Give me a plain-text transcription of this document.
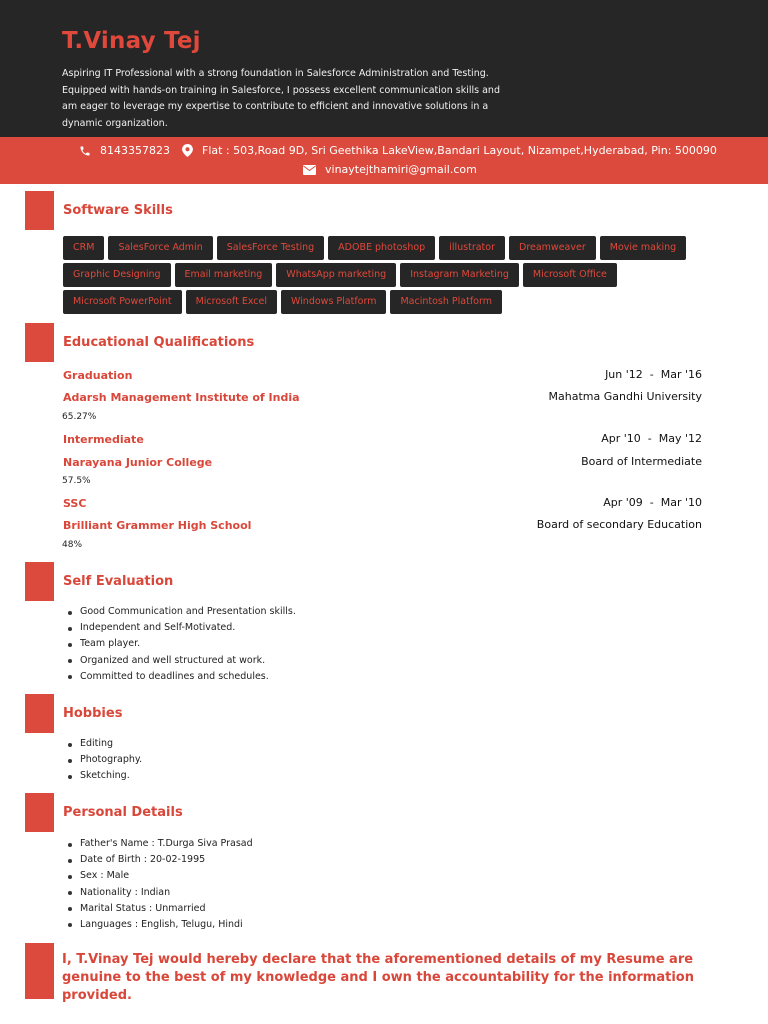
T.Vinay Tej
Aspiring IT Professional with a strong foundation in Salesforce Administration and Testing. Equipped with hands-on training in Salesforce, I possess excellent communication skills and am eager to leverage my expertise to contribute to efficient and innovative solutions in a dynamic organization.
8143357823	Flat : 503,Road 9D, Sri Geethika LakeView,Bandari Layout, Nizampet,Hyderabad, Pin: 500090
vinaytejthamiri@gmail.com
Software Skills
CRM	SalesForce Admin	SalesForce Testing	ADOBE photoshop	illustrator	Dreamweaver	Movie making
Graphic Designing	Email marketing	WhatsApp marketing	Instagram Marketing	Microsoft Office
Microsoft PowerPoint	Microsoft Excel	Windows Platform	Macintosh Platform
Educational Qualifications
Graduation	Jun '12  -  Mar '16
Adarsh Management Institute of India	Mahatma Gandhi University
65.27%
Intermediate	Apr '10  -  May '12
Narayana Junior College	Board of Intermediate
57.5%
SSC	Apr '09  -  Mar '10
Brilliant Grammer High School	Board of secondary Education
48%
Self Evaluation
Good Communication and Presentation skills.
Independent and Self-Motivated.
Team player.
Organized and well structured at work.
Committed to deadlines and schedules.
Hobbies
Editing
Photography.
Sketching.
Personal Details
Father's Name : T.Durga Siva Prasad
Date of Birth : 20-02-1995
Sex : Male
Nationality : Indian
Marital Status : Unmarried
Languages : English, Telugu, Hindi
I, T.Vinay Tej would hereby declare that the aforementioned details of my Resume are genuine to the best of my knowledge and I own the accountability for the information provided.
